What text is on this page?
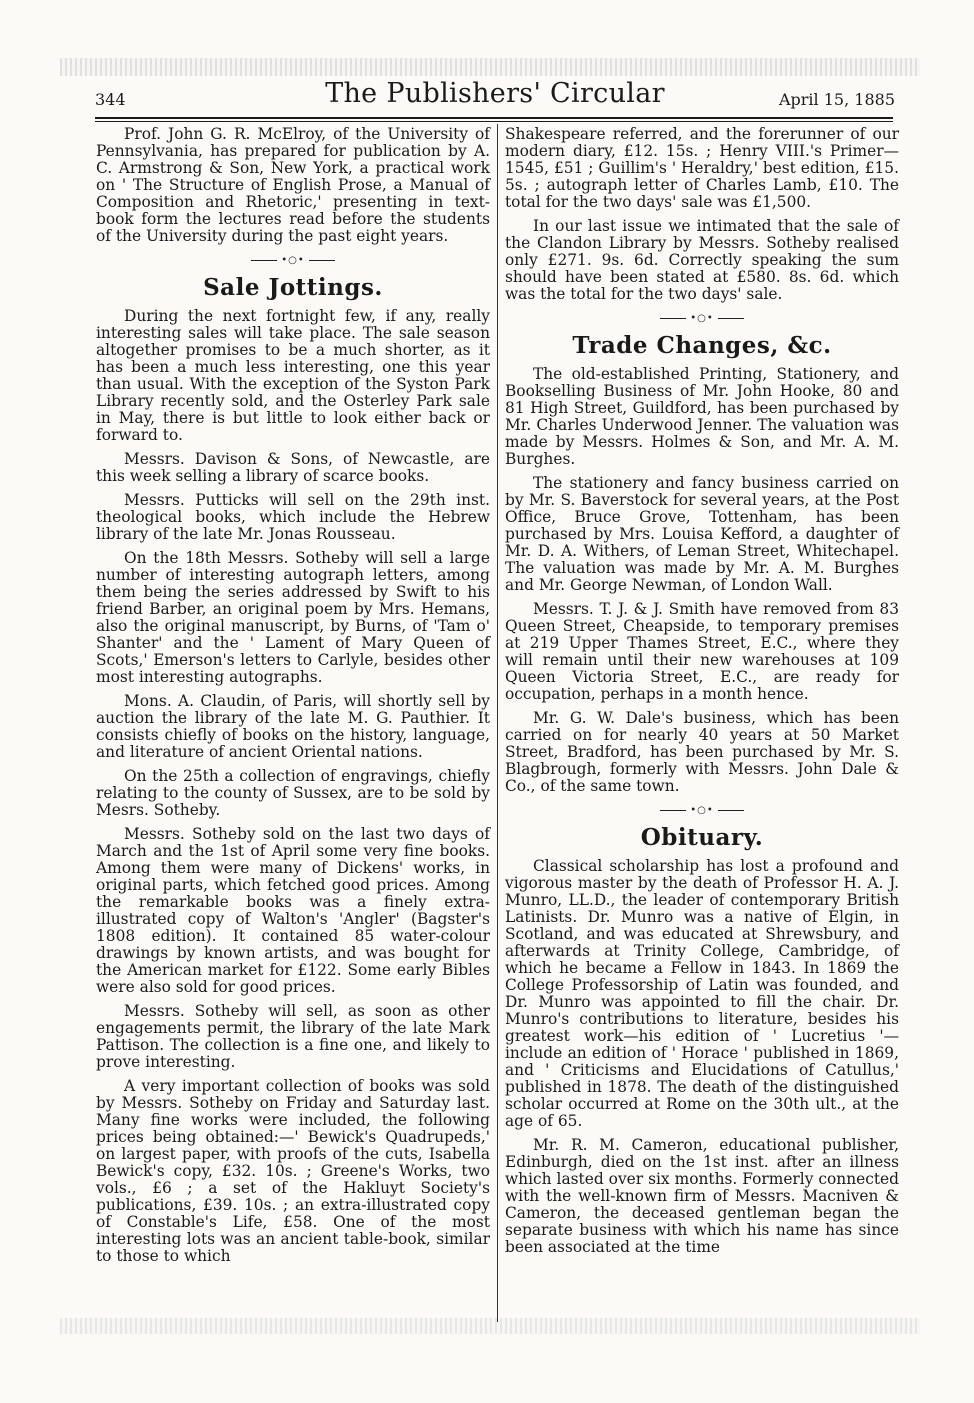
344	The Publishers' Circular	April 15, 1885

Prof. John G. R. McElroy, of the University of Pennsylvania, has prepared for publication by A. C. Armstrong & Son, New York, a practical work on ' The Structure of English Prose, a Manual of Composition and Rhetoric,' presenting in text-book form the lectures read before the students of the University during the past eight years.

•○•
Sale Jottings.

During the next fortnight few, if any, really interesting sales will take place. The sale season altogether promises to be a much shorter, as it has been a much less interesting, one this year than usual. With the exception of the Syston Park Library recently sold, and the Osterley Park sale in May, there is but little to look either back or forward to.

Messrs. Davison & Sons, of Newcastle, are this week selling a library of scarce books.

Messrs. Putticks will sell on the 29th inst. theological books, which include the Hebrew library of the late Mr. Jonas Rousseau.

On the 18th Messrs. Sotheby will sell a large number of interesting autograph letters, among them being the series addressed by Swift to his friend Barber, an original poem by Mrs. Hemans, also the original manuscript, by Burns, of 'Tam o' Shanter' and the ' Lament of Mary Queen of Scots,' Emerson's letters to Carlyle, besides other most interesting autographs.

Mons. A. Claudin, of Paris, will shortly sell by auction the library of the late M. G. Pauthier. It consists chiefly of books on the history, language, and literature of ancient Oriental nations.

On the 25th a collection of engravings, chiefly relating to the county of Sussex, are to be sold by Mesrs. Sotheby.

Messrs. Sotheby sold on the last two days of March and the 1st of April some very fine books. Among them were many of Dickens' works, in original parts, which fetched good prices. Among the remarkable books was a finely extra-illustrated copy of Walton's 'Angler' (Bagster's 1808 edition). It contained 85 water-colour drawings by known artists, and was bought for the American market for £122. Some early Bibles were also sold for good prices.

Messrs. Sotheby will sell, as soon as other engagements permit, the library of the late Mark Pattison. The collection is a fine one, and likely to prove interesting.

A very important collection of books was sold by Messrs. Sotheby on Friday and Saturday last. Many fine works were included, the following prices being obtained:—' Bewick's Quadrupeds,' on largest paper, with proofs of the cuts, Isabella Bewick's copy, £32. 10s. ; Greene's Works, two vols., £6 ; a set of the Hakluyt Society's publications, £39. 10s. ; an extra-illustrated copy of Constable's Life, £58. One of the most interesting lots was an ancient table-book, similar to those to which

Shakespeare referred, and the forerunner of our modern diary, £12. 15s. ; Henry VIII.'s Primer—1545, £51 ; Guillim's ' Heraldry,' best edition, £15. 5s. ; autograph letter of Charles Lamb, £10. The total for the two days' sale was £1,500.

In our last issue we intimated that the sale of the Clandon Library by Messrs. Sotheby realised only £271. 9s. 6d. Correctly speaking the sum should have been stated at £580. 8s. 6d. which was the total for the two days' sale.

•○•
Trade Changes, &c.

The old-established Printing, Stationery, and Bookselling Business of Mr. John Hooke, 80 and 81 High Street, Guildford, has been purchased by Mr. Charles Underwood Jenner. The valuation was made by Messrs. Holmes & Son, and Mr. A. M. Burghes.

The stationery and fancy business carried on by Mr. S. Baverstock for several years, at the Post Office, Bruce Grove, Tottenham, has been purchased by Mrs. Louisa Kefford, a daughter of Mr. D. A. Withers, of Leman Street, Whitechapel. The valuation was made by Mr. A. M. Burghes and Mr. George Newman, of London Wall.

Messrs. T. J. & J. Smith have removed from 83 Queen Street, Cheapside, to temporary premises at 219 Upper Thames Street, E.C., where they will remain until their new warehouses at 109 Queen Victoria Street, E.C., are ready for occupation, perhaps in a month hence.

Mr. G. W. Dale's business, which has been carried on for nearly 40 years at 50 Market Street, Bradford, has been purchased by Mr. S. Blagbrough, formerly with Messrs. John Dale & Co., of the same town.

•○•
Obituary.

Classical scholarship has lost a profound and vigorous master by the death of Professor H. A. J. Munro, LL.D., the leader of contemporary British Latinists. Dr. Munro was a native of Elgin, in Scotland, and was educated at Shrewsbury, and afterwards at Trinity College, Cambridge, of which he became a Fellow in 1843. In 1869 the College Professorship of Latin was founded, and Dr. Munro was appointed to fill the chair. Dr. Munro's contributions to literature, besides his greatest work—his edition of ' Lucretius '—include an edition of ' Horace ' published in 1869, and ' Criticisms and Elucidations of Catullus,' published in 1878. The death of the distinguished scholar occurred at Rome on the 30th ult., at the age of 65.

Mr. R. M. Cameron, educational publisher, Edinburgh, died on the 1st inst. after an illness which lasted over six months. Formerly connected with the well-known firm of Messrs. Macniven & Cameron, the deceased gentleman began the separate business with which his name has since been associated at the time
